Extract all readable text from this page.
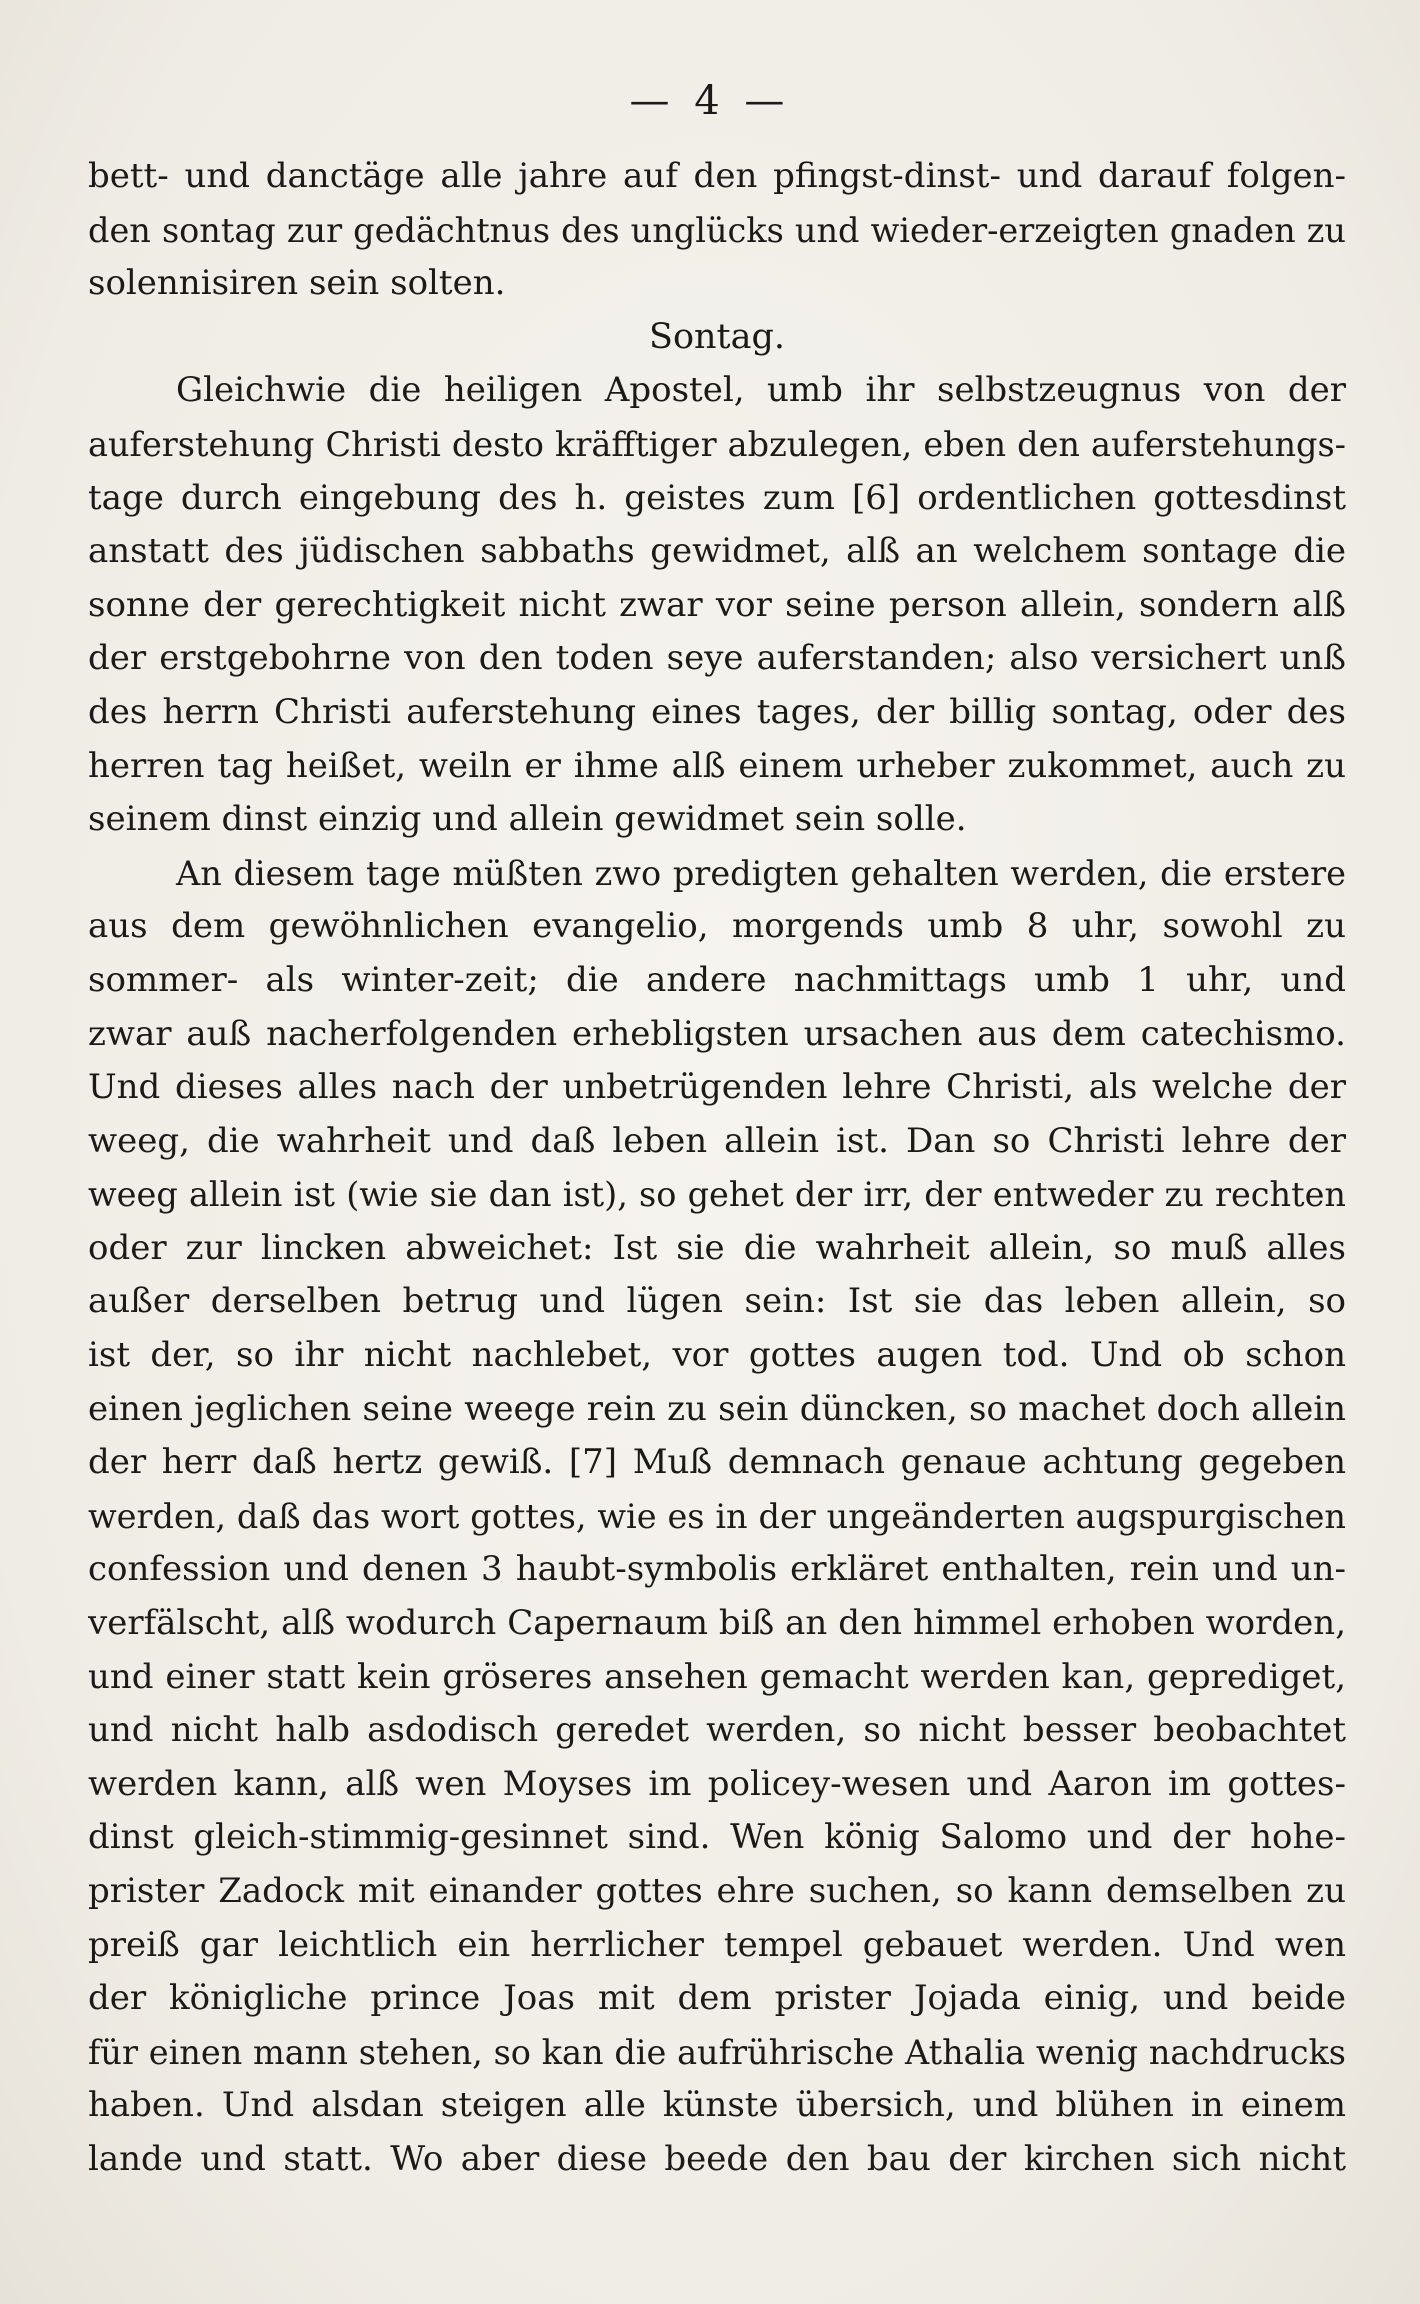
— 4 —
bett- und danctäge alle jahre auf den pfingst-dinst- und darauf folgen-
den sontag zur gedächtnus des unglücks und wieder-erzeigten gnaden zu
solennisiren sein solten.
Sontag.
Gleichwie die heiligen Apostel, umb ihr selbstzeugnus von der
auferstehung Christi desto kräfftiger abzulegen, eben den auferstehungs-
tage durch eingebung des h. geistes zum [6] ordentlichen gottesdinst
anstatt des jüdischen sabbaths gewidmet, alß an welchem sontage die
sonne der gerechtigkeit nicht zwar vor seine person allein, sondern alß
der erstgebohrne von den toden seye auferstanden; also versichert unß
des herrn Christi auferstehung eines tages, der billig sontag, oder des
herren tag heißet, weiln er ihme alß einem urheber zukommet, auch zu
seinem dinst einzig und allein gewidmet sein solle.
An diesem tage müßten zwo predigten gehalten werden, die erstere
aus dem gewöhnlichen evangelio, morgends umb 8 uhr, sowohl zu
sommer- als winter-zeit; die andere nachmittags umb 1 uhr, und
zwar auß nacherfolgenden erhebligsten ursachen aus dem catechismo.
Und dieses alles nach der unbetrügenden lehre Christi, als welche der
weeg, die wahrheit und daß leben allein ist. Dan so Christi lehre der
weeg allein ist (wie sie dan ist), so gehet der irr, der entweder zu rechten
oder zur lincken abweichet: Ist sie die wahrheit allein, so muß alles
außer derselben betrug und lügen sein: Ist sie das leben allein, so
ist der, so ihr nicht nachlebet, vor gottes augen tod. Und ob schon
einen jeglichen seine weege rein zu sein düncken, so machet doch allein
der herr daß hertz gewiß. [7] Muß demnach genaue achtung gegeben
werden, daß das wort gottes, wie es in der ungeänderten augspurgischen
confession und denen 3 haubt-symbolis erkläret enthalten, rein und un-
verfälscht, alß wodurch Capernaum biß an den himmel erhoben worden,
und einer statt kein gröseres ansehen gemacht werden kan, geprediget,
und nicht halb asdodisch geredet werden, so nicht besser beobachtet
werden kann, alß wen Moyses im policey-wesen und Aaron im gottes-
dinst gleich-stimmig-gesinnet sind. Wen könig Salomo und der hohe-
prister Zadock mit einander gottes ehre suchen, so kann demselben zu
preiß gar leichtlich ein herrlicher tempel gebauet werden. Und wen
der königliche prince Joas mit dem prister Jojada einig, und beide
für einen mann stehen, so kan die aufrührische Athalia wenig nachdrucks
haben. Und alsdan steigen alle künste übersich, und blühen in einem
lande und statt. Wo aber diese beede den bau der kirchen sich nicht
